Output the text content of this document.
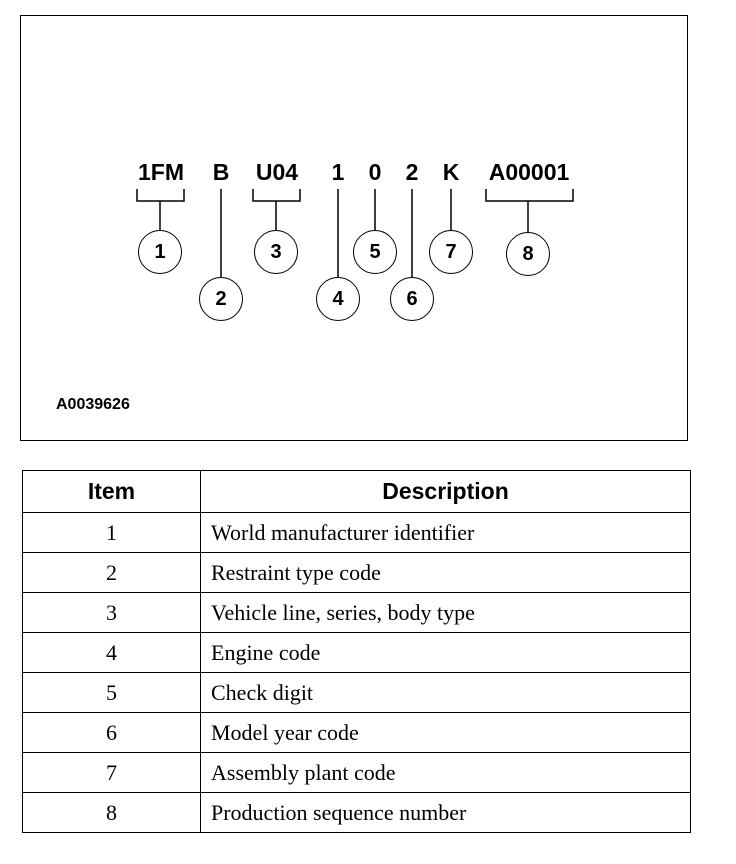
1FM B U04	1 0 2 K A00001
1
2
3
4
5
6
7	8
A0039626
Item	Description
1	World manufacturer identifier
2	Restraint type code
3	Vehicle line, series, body type
4	Engine code
5	Check digit
6	Model year code
7	Assembly plant code
8	Production sequence number
